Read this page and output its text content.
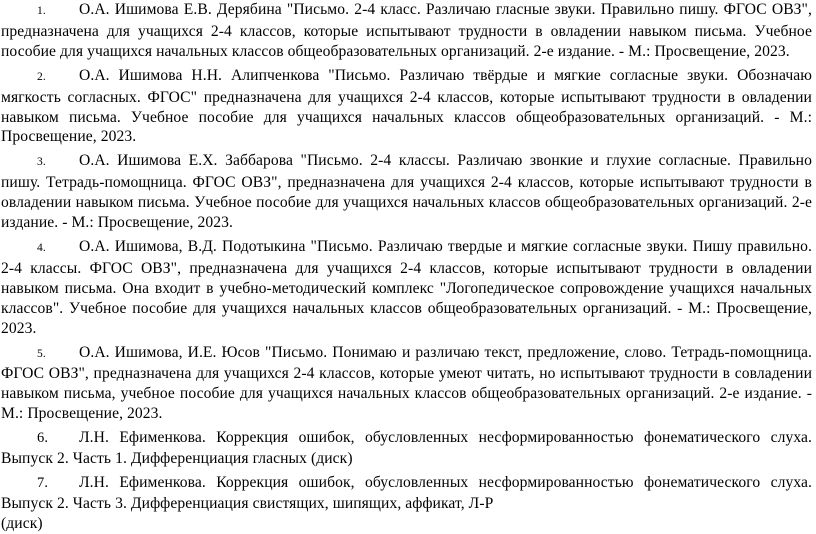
1. О.А. Ишимова Е.В. Дерябина "Письмо. 2-4 класс. Различаю гласные звуки. Правильно пишу. ФГОС ОВЗ", предназначена для учащихся 2-4 классов, которые испытывают трудности в овладении навыком письма. Учебное пособие для учащихся начальных классов общеобразовательных организаций. 2-е издание. - М.: Просвещение, 2023.
2. О.А. Ишимова Н.Н. Алипченкова "Письмо. Различаю твёрдые и мягкие согласные звуки. Обозначаю мягкость согласных. ФГОС" предназначена для учащихся 2-4 классов, которые испытывают трудности в овладении навыком письма. Учебное пособие для учащихся начальных классов общеобразовательных организаций. - М.: Просвещение, 2023.
3. О.А. Ишимова Е.Х. Заббарова "Письмо. 2-4 классы. Различаю звонкие и глухие согласные. Правильно пишу. Тетрадь-помощница. ФГОС ОВЗ", предназначена для учащихся 2-4 классов, которые испытывают трудности в овладении навыком письма. Учебное пособие для учащихся начальных классов общеобразовательных организаций. 2-е издание. - М.: Просвещение, 2023.
4. О.А. Ишимова, В.Д. Подотыкина "Письмо. Различаю твердые и мягкие согласные звуки. Пишу правильно. 2-4 классы. ФГОС ОВЗ", предназначена для учащихся 2-4 классов, которые испытывают трудности в овладении навыком письма. Она входит в учебно-методический комплекс "Логопедическое сопровождение учащихся начальных классов". Учебное пособие для учащихся начальных классов общеобразовательных организаций. - М.: Просвещение, 2023.
5. О.А. Ишимова, И.Е. Юсов "Письмо. Понимаю и различаю текст, предложение, слово. Тетрадь-помощница. ФГОС ОВЗ", предназначена для учащихся 2-4 классов, которые умеют читать, но испытывают трудности в совладении навыком письма, учебное пособие для учащихся начальных классов общеобразовательных организаций. 2-е издание. - М.: Просвещение, 2023.
6. Л.Н. Ефименкова. Коррекция ошибок, обусловленных несформированностью фонематического слуха. Выпуск 2. Часть 1. Дифференциация гласных (диск)
7. Л.Н. Ефименкова. Коррекция ошибок, обусловленных несформированностью фонематического слуха. Выпуск 2. Часть 3. Дифференциация свистящих, шипящих, аффикат, Л-Р
(диск)
